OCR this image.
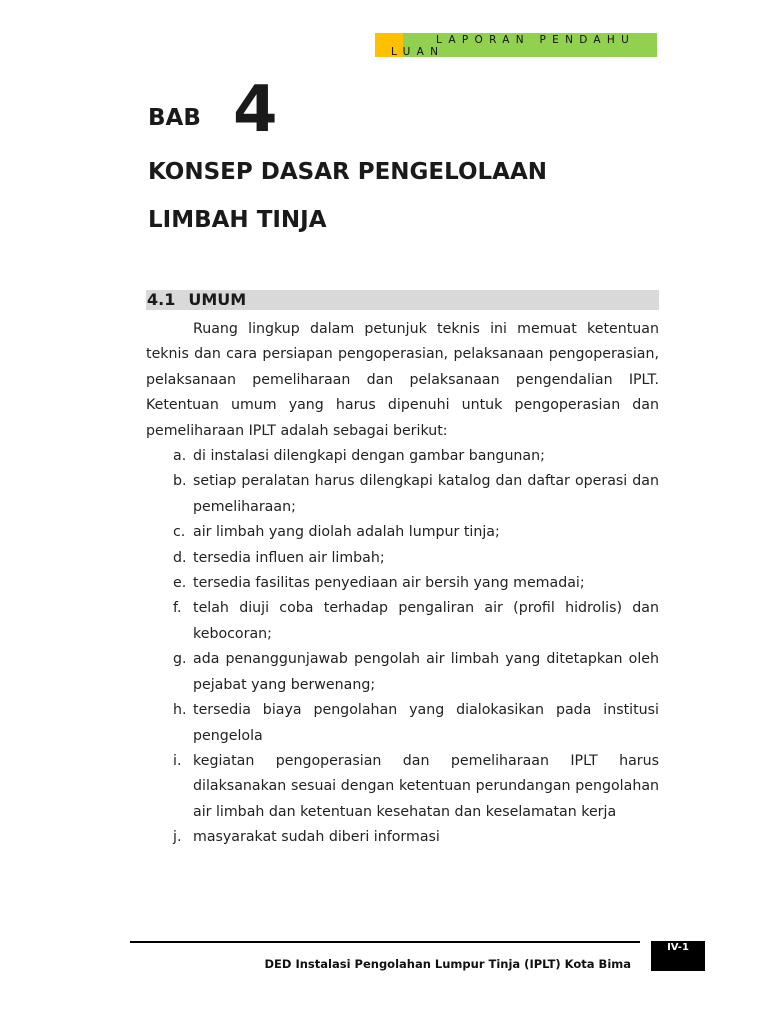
LAPORAN PENDAHU
LUAN
BAB 4
KONSEP DASAR PENGELOLAAN
LIMBAH TINJA
4.1 UMUM

Ruang lingkup dalam petunjuk teknis ini memuat ketentuan teknis dan cara persiapan pengoperasian, pelaksanaan pengoperasian, pelaksanaan pemeliharaan dan pelaksanaan pengendalian IPLT. Ketentuan umum yang harus dipenuhi untuk pengoperasian dan pemeliharaan IPLT adalah sebagai berikut:

a. di instalasi dilengkapi dengan gambar bangunan;
b. setiap peralatan harus dilengkapi katalog dan daftar operasi dan pemeliharaan;
c. air limbah yang diolah adalah lumpur tinja;
d. tersedia influen air limbah;
e. tersedia fasilitas penyediaan air bersih yang memadai;
f. telah diuji coba terhadap pengaliran air (profil hidrolis) dan kebocoran;
g. ada penanggunjawab pengolah air limbah yang ditetapkan oleh pejabat yang berwenang;
h. tersedia biaya pengolahan yang dialokasikan pada institusi pengelola
i. kegiatan pengoperasian dan pemeliharaan IPLT harus dilaksanakan sesuai dengan ketentuan perundangan pengolahan air limbah dan ketentuan kesehatan dan keselamatan kerja
j. masyarakat sudah diberi informasi
IV-1
DED Instalasi Pengolahan Lumpur Tinja (IPLT) Kota Bima
